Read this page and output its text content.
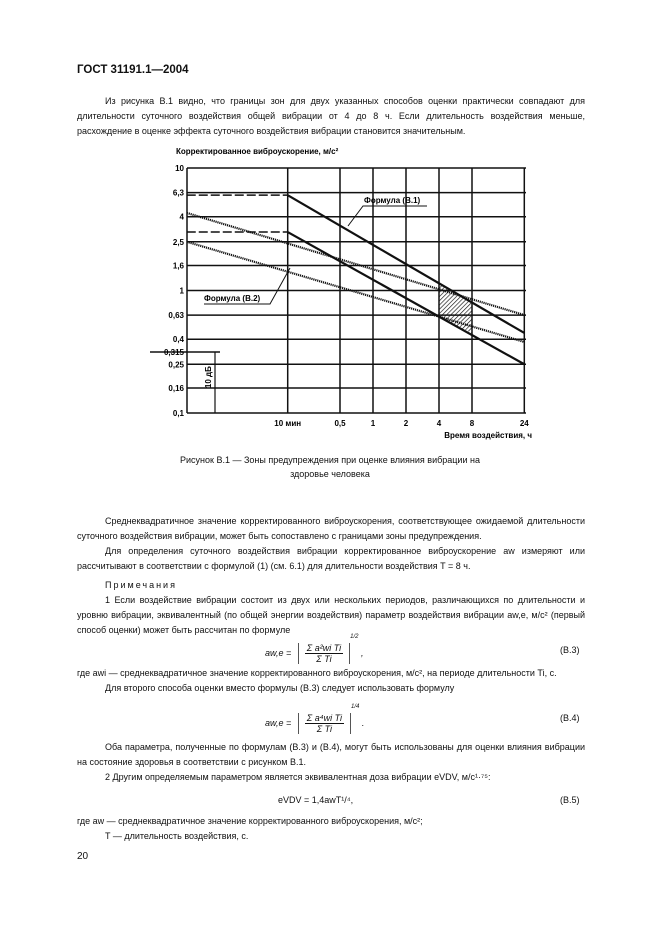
ГОСТ 31191.1—2004
Из рисунка В.1 видно, что границы зон для двух указанных способов оценки практически совпадают для длительности суточного воздействия общей вибрации от 4 до 8 ч. Если длительность воздействия меньше, расхождение в оценке эффекта суточного воздействия вибрации становится значительным.
10
6,3
4
2,5
1,6
1
0,63
0,4
0,315
0,25
0,16
0,1
10 мин	0,5	1	2	4	8	24
Формула (В.1)
Формула (В.2)
10 дБ
Корректированное виброускорение, м/с²
Время воздействия, ч
Рисунок В.1 — Зоны предупреждения при оценке влияния вибрации на
здоровье человека
Среднеквадратичное значение корректированного виброускорения, соответствующее ожидаемой длительности суточного воздействия вибрации, может быть сопоставлено с границами зоны предупреждения.
Для определения суточного воздействия вибрации корректированное виброускорение aw измеряют или рассчитывают в соответствии с формулой (1) (см. 6.1) для длительности воздействия T = 8 ч.
Примечания
1 Если воздействие вибрации состоит из двух или нескольких периодов, различающихся по длительности и уровню вибрации, эквивалентный (по общей энергии воздействия) параметр воздействия вибрации aw,e, м/с² (первый способ оценки) может быть рассчитан по формуле
$aw,e = \frac{\text{Σ a²wi Ti}}{\text{Σ Ti}}$
$^{1/2}$ ,	(В.3)
где awi — среднеквадратичное значение корректированного виброускорения, м/с², на периоде длительности Ti, с.
Для второго способа оценки вместо формулы (В.3) следует использовать формулу
$aw,e = \frac{\text{Σ a⁴wi Ti}}{\text{Σ Ti}}$
$^{1/4}$ .	(В.4)
Оба параметра, полученные по формулам (В.3) и (В.4), могут быть использованы для оценки влияния вибрации на состояние здоровья в соответствии с рисунком В.1.
2 Другим определяемым параметром является эквивалентная доза вибрации eVDV, м/с¹·⁷⁵:
eVDV = 1,4awT¹/⁴,	(В.5)
где aw — среднеквадратичное значение корректированного виброускорения, м/с²;
T — длительность воздействия, с.
20
